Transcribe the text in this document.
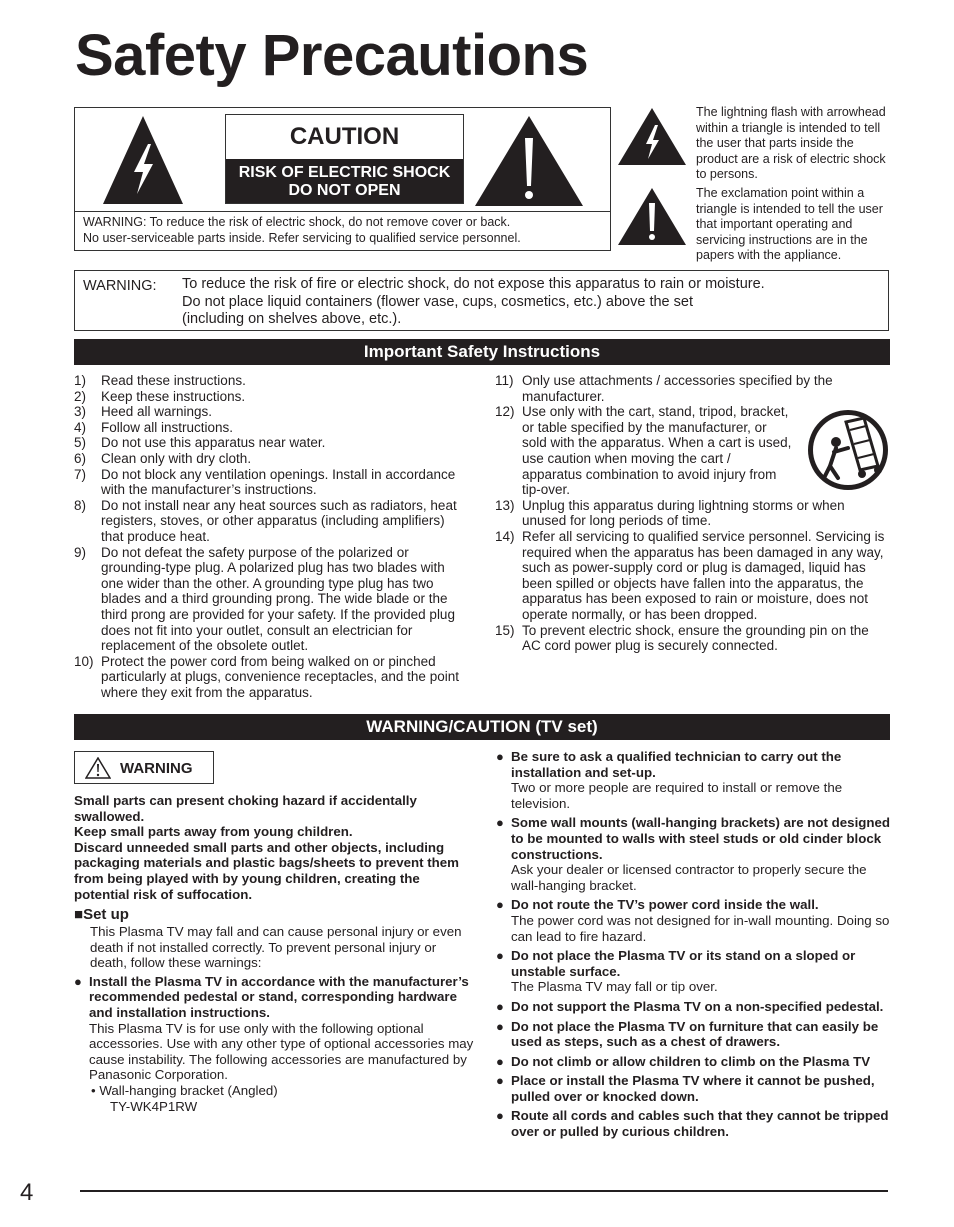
Safety Precautions
CAUTION
RISK OF ELECTRIC SHOCK
DO NOT OPEN
WARNING: To reduce the risk of electric shock, do not remove cover or back.
No user-serviceable parts inside. Refer servicing to qualified service personnel.
The lightning flash with arrowhead within a triangle is intended to tell the user that parts inside the product are a risk of electric shock to persons.
The exclamation point within a triangle is intended to tell the user that important operating and servicing instructions are in the papers with the appliance.
WARNING: To reduce the risk of fire or electric shock, do not expose this apparatus to rain or moisture.
Do not place liquid containers (flower vase, cups, cosmetics, etc.) above the set
(including on shelves above, etc.).
Important Safety Instructions
1) Read these instructions.
2) Keep these instructions.
3) Heed all warnings.
4) Follow all instructions.
5) Do not use this apparatus near water.
6) Clean only with dry cloth.
7) Do not block any ventilation openings. Install in accordance with the manufacturer’s instructions.
8) Do not install near any heat sources such as radiators, heat registers, stoves, or other apparatus (including amplifiers) that produce heat.
9) Do not defeat the safety purpose of the polarized or grounding-type plug. A polarized plug has two blades with one wider than the other. A grounding type plug has two blades and a third grounding prong. The wide blade or the third prong are provided for your safety. If the provided plug does not fit into your outlet, consult an electrician for replacement of the obsolete outlet.
10) Protect the power cord from being walked on or pinched particularly at plugs, convenience receptacles, and the point where they exit from the apparatus.
11) Only use attachments / accessories specified by the manufacturer.
12) Use only with the cart, stand, tripod, bracket, or table specified by the manufacturer, or sold with the apparatus. When a cart is used, use caution when moving the cart / apparatus combination to avoid injury from tip-over.
13) Unplug this apparatus during lightning storms or when unused for long periods of time.
14) Refer all servicing to qualified service personnel. Servicing is required when the apparatus has been damaged in any way, such as power-supply cord or plug is damaged, liquid has been spilled or objects have fallen into the apparatus, the apparatus has been exposed to rain or moisture, does not operate normally, or has been dropped.
15) To prevent electric shock, ensure the grounding pin on the AC cord power plug is securely connected.
WARNING/CAUTION (TV set)
WARNING
Small parts can present choking hazard if accidentally swallowed.
Keep small parts away from young children.
Discard unneeded small parts and other objects, including packaging materials and plastic bags/sheets to prevent them from being played with by young children, creating the potential risk of suffocation.
■Set up
This Plasma TV may fall and can cause personal injury or even death if not installed correctly. To prevent personal injury or death, follow these warnings:
● Install the Plasma TV in accordance with the manufacturer’s recommended pedestal or stand, corresponding hardware and installation instructions.
This Plasma TV is for use only with the following optional accessories. Use with any other type of optional accessories may cause instability. The following accessories are manufactured by Panasonic Corporation.
• Wall-hanging bracket (Angled)
TY-WK4P1RW
● Be sure to ask a qualified technician to carry out the installation and set-up.
Two or more people are required to install or remove the television.
● Some wall mounts (wall-hanging brackets) are not designed to be mounted to walls with steel studs or old cinder block constructions.
Ask your dealer or licensed contractor to properly secure the wall-hanging bracket.
● Do not route the TV’s power cord inside the wall.
The power cord was not designed for in-wall mounting. Doing so can lead to fire hazard.
● Do not place the Plasma TV or its stand on a sloped or unstable surface.
The Plasma TV may fall or tip over.
● Do not support the Plasma TV on a non-specified pedestal.
● Do not place the Plasma TV on furniture that can easily be used as steps, such as a chest of drawers.
● Do not climb or allow children to climb on the Plasma TV
● Place or install the Plasma TV where it cannot be pushed, pulled over or knocked down.
● Route all cords and cables such that they cannot be tripped over or pulled by curious children.
4
